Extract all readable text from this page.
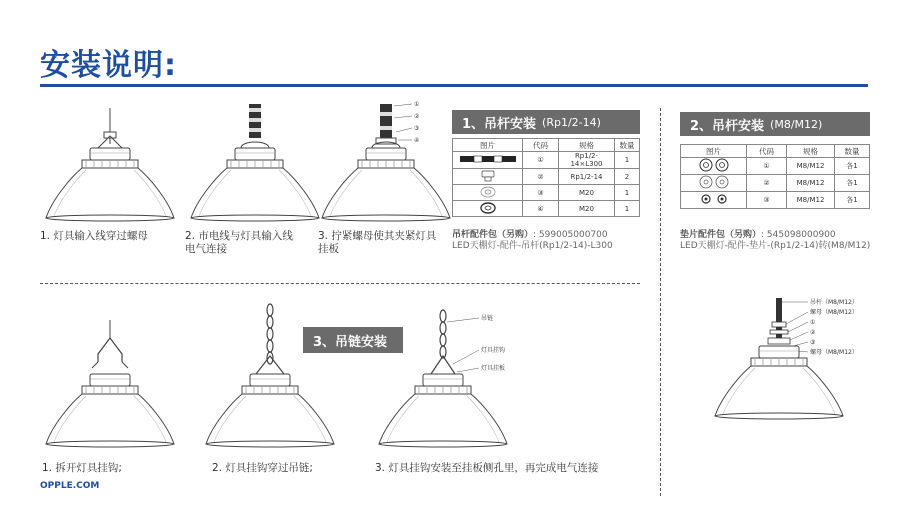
安装说明:
1. 灯具输入线穿过螺母	2. 市电线与灯具输入线电气连接
①
②
③
④
3. 拧紧螺母使其夹紧灯具挂板
1、吊杆安装 (Rp1/2-14)
图片	代码	规格	数量
	①	Rp1/2-14×L300	1
	②	Rp1/2-14	2
	③	M20	1
	④	M20	1
吊杆配件包（另购）: 599005000700
LED天棚灯-配件-吊杆(Rp1/2-14)-L300
2、吊杆安装 (M8/M12)
图片	代码	规格	数量
	①	M8/M12	各1
	②	M8/M12	各1
	③	M8/M12	各1
垫片配件包（另购）: 545098000900
LED天棚灯-配件-垫片-(Rp1/2-14)转(M8/M12)
吊杆（M8/M12）
螺母（M8/M12）
①
②
③
螺母（M8/M12）
3、吊链安装
1. 拆开灯具挂钩;	2. 灯具挂钩穿过吊链;
吊链
灯具挂钩
灯具挂板
3. 灯具挂钩安装至挂板侧孔里，再完成电气连接
OPPLE.COM
